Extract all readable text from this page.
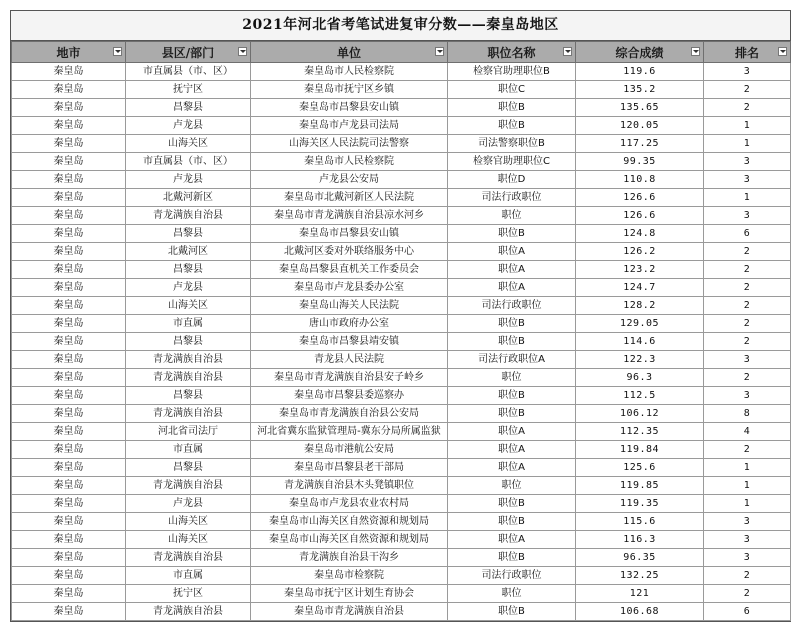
2021年河北省考笔试进复审分数——秦皇岛地区
地市	县区/部门	单位	职位名称	综合成绩	排名

秦皇岛	市直属县（市、区）	秦皇岛市人民检察院	检察官助理职位B	119.6	3
秦皇岛	抚宁区	秦皇岛市抚宁区乡镇	职位C	135.2	2
秦皇岛	昌黎县	秦皇岛市昌黎县安山镇	职位B	135.65	2
秦皇岛	卢龙县	秦皇岛市卢龙县司法局	职位B	120.05	1
秦皇岛	山海关区	山海关区人民法院司法警察	司法警察职位B	117.25	1
秦皇岛	市直属县（市、区）	秦皇岛市人民检察院	检察官助理职位C	99.35	3
秦皇岛	卢龙县	卢龙县公安局	职位D	110.8	3
秦皇岛	北戴河新区	秦皇岛市北戴河新区人民法院	司法行政职位	126.6	1
秦皇岛	青龙满族自治县	秦皇岛市青龙满族自治县凉水河乡	职位	126.6	3
秦皇岛	昌黎县	秦皇岛市昌黎县安山镇	职位B	124.8	6
秦皇岛	北戴河区	北戴河区委对外联络服务中心	职位A	126.2	2
秦皇岛	昌黎县	秦皇岛昌黎县直机关工作委员会	职位A	123.2	2
秦皇岛	卢龙县	秦皇岛市卢龙县委办公室	职位A	124.7	2
秦皇岛	山海关区	秦皇岛山海关人民法院	司法行政职位	128.2	2
秦皇岛	市直属	唐山市政府办公室	职位B	129.05	2
秦皇岛	昌黎县	秦皇岛市昌黎县靖安镇	职位B	114.6	2
秦皇岛	青龙满族自治县	青龙县人民法院	司法行政职位A	122.3	3
秦皇岛	青龙满族自治县	秦皇岛市青龙满族自治县安子岭乡	职位	96.3	2
秦皇岛	昌黎县	秦皇岛市昌黎县委巡察办	职位B	112.5	3
秦皇岛	青龙满族自治县	秦皇岛市青龙满族自治县公安局	职位B	106.12	8
秦皇岛	河北省司法厅	河北省冀东监狱管理局-冀东分局所属监狱	职位A	112.35	4
秦皇岛	市直属	秦皇岛市港航公安局	职位A	119.84	2
秦皇岛	昌黎县	秦皇岛市昌黎县老干部局	职位A	125.6	1
秦皇岛	青龙满族自治县	青龙满族自治县木头凳镇职位	职位	119.85	1
秦皇岛	卢龙县	秦皇岛市卢龙县农业农村局	职位B	119.35	1
秦皇岛	山海关区	秦皇岛市山海关区自然资源和规划局	职位B	115.6	3
秦皇岛	山海关区	秦皇岛市山海关区自然资源和规划局	职位A	116.3	3
秦皇岛	青龙满族自治县	青龙满族自治县干沟乡	职位B	96.35	3
秦皇岛	市直属	秦皇岛市检察院	司法行政职位	132.25	2
秦皇岛	抚宁区	秦皇岛市抚宁区计划生育协会	职位	121	2
秦皇岛	青龙满族自治县	秦皇岛市青龙满族自治县	职位B	106.68	6
